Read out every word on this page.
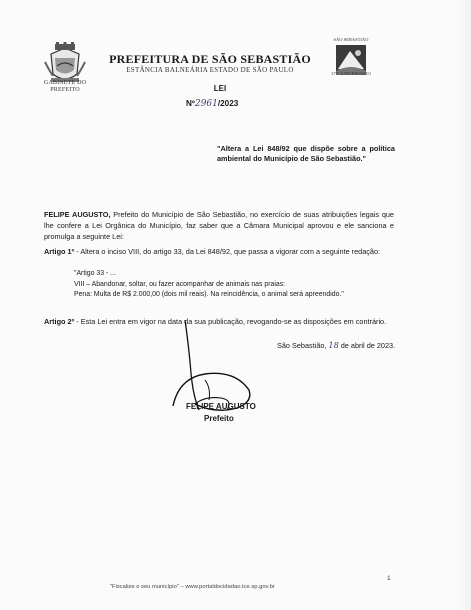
GABINETE DO PREFEITO
PREFEITURA DE SÃO SEBASTIÃO
ESTÂNCIA BALNEÁRIA ESTADO DE SÃO PAULO
SÃO SEBASTIÃO
375º ANIVERSÁRIO
LEI
Nº2961/2023
"Altera a Lei 848/92 que dispõe sobre a política ambiental do Município de São Sebastião."
FELIPE AUGUSTO, Prefeito do Município de São Sebastião, no exercício de suas atribuições legais que lhe confere a Lei Orgânica do Município, faz saber que a Câmara Municipal aprovou e ele sanciona e promulga a seguinte Lei:
Artigo 1º - Altera o inciso VIII, do artigo 33, da Lei 848/92, que passa a vigorar com a seguinte redação:
"Artigo 33 - ...
VIII – Abandonar, soltar, ou fazer acompanhar de animais nas praias:
Pena: Multa de R$ 2.000,00 (dois mil reais). Na reincidência, o animal será apreendido."
Artigo 2º - Esta Lei entra em vigor na data da sua publicação, revogando-se as disposições em contrário.
São Sebastião, 18 de abril de 2023.
FELIPE AUGUSTO
Prefeito
1
"Fiscalize o seu município" – www.portaldocidadao.tce.sp.gov.br
